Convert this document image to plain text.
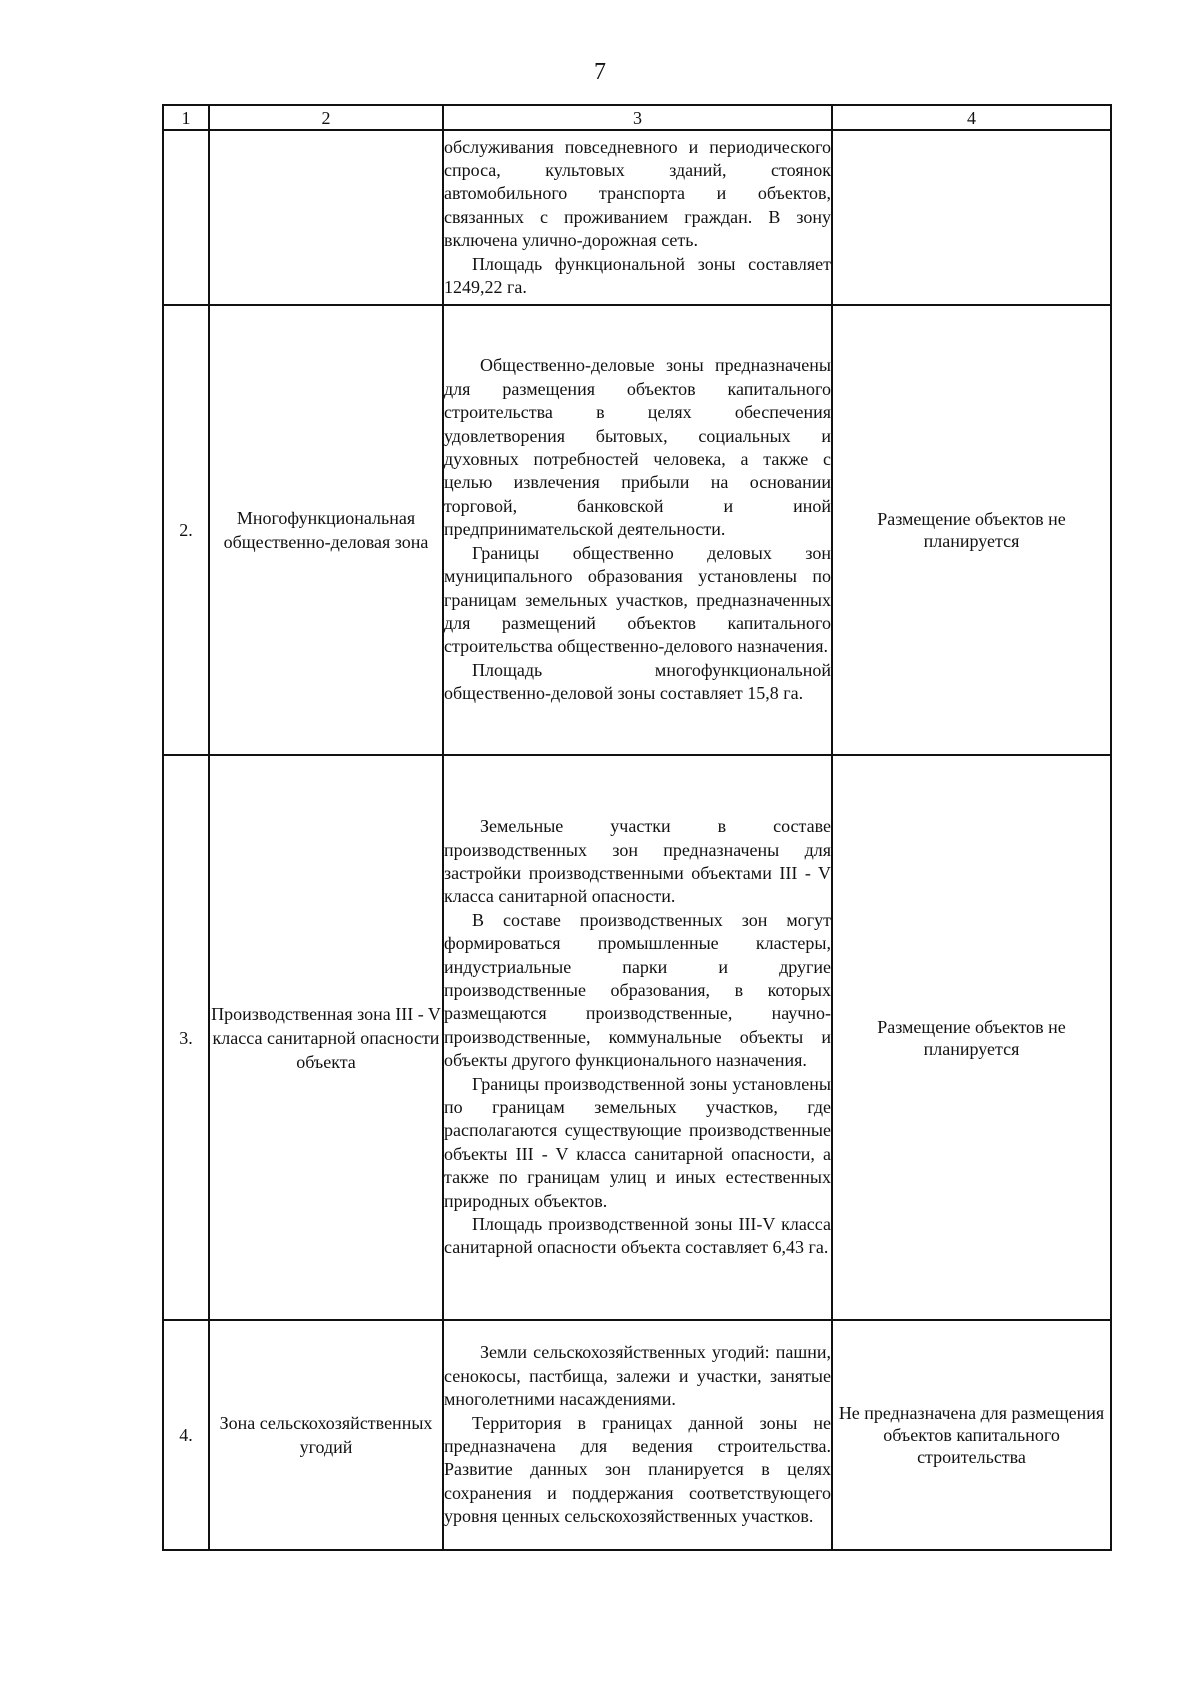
7
1	2	3	4

		обслуживания повседневного и периодического спроса, культовых зданий, стоянок автомобильного транспорта и объектов, связанных с проживанием граждан. В зону включена улично-дорожная сеть.

Площадь функциональной зоны составляет 1249,22 га.	

2.	Многофункциональная общественно-деловая зона	Общественно-деловые зоны предназначены для размещения объектов капитального строительства в целях обеспечения удовлетворения бытовых, социальных и духовных потребностей человека, а также с целью извлечения прибыли на основании торговой, банковской и иной предпринимательской деятельности.

Границы общественно деловых зон муниципального образования установлены по границам земельных участков, предназначенных для размещений объектов капитального строительства общественно-делового назначения.

Площадь многофункциональной общественно-деловой зоны составляет 15,8 га.	Размещение объектов не планируется
3.	Производственная зона III - V класса санитарной опасности объекта	Земельные участки в составе производственных зон предназначены для застройки производственными объектами III - V класса санитарной опасности.

В составе производственных зон могут формироваться промышленные кластеры, индустриальные парки и другие производственные образования, в которых размещаются производственные, научно-производственные, коммунальные объекты и объекты другого функционального назначения.

Границы производственной зоны установлены по границам земельных участков, где располагаются существующие производственные объекты III - V класса санитарной опасности, а также по границам улиц и иных естественных природных объектов.

Площадь производственной зоны III-V класса санитарной опасности объекта составляет 6,43 га.	Размещение объектов не планируется
4.	Зона сельскохозяйственных угодий	Земли сельскохозяйственных угодий: пашни, сенокосы, пастбища, залежи и участки, занятые многолетними насаждениями.

Территория в границах данной зоны не предназначена для ведения строительства. Развитие данных зон планируется в целях сохранения и поддержания соответствующего уровня ценных сельскохозяйственных участков.	Не предназначена для размещения объектов капитального строительства
